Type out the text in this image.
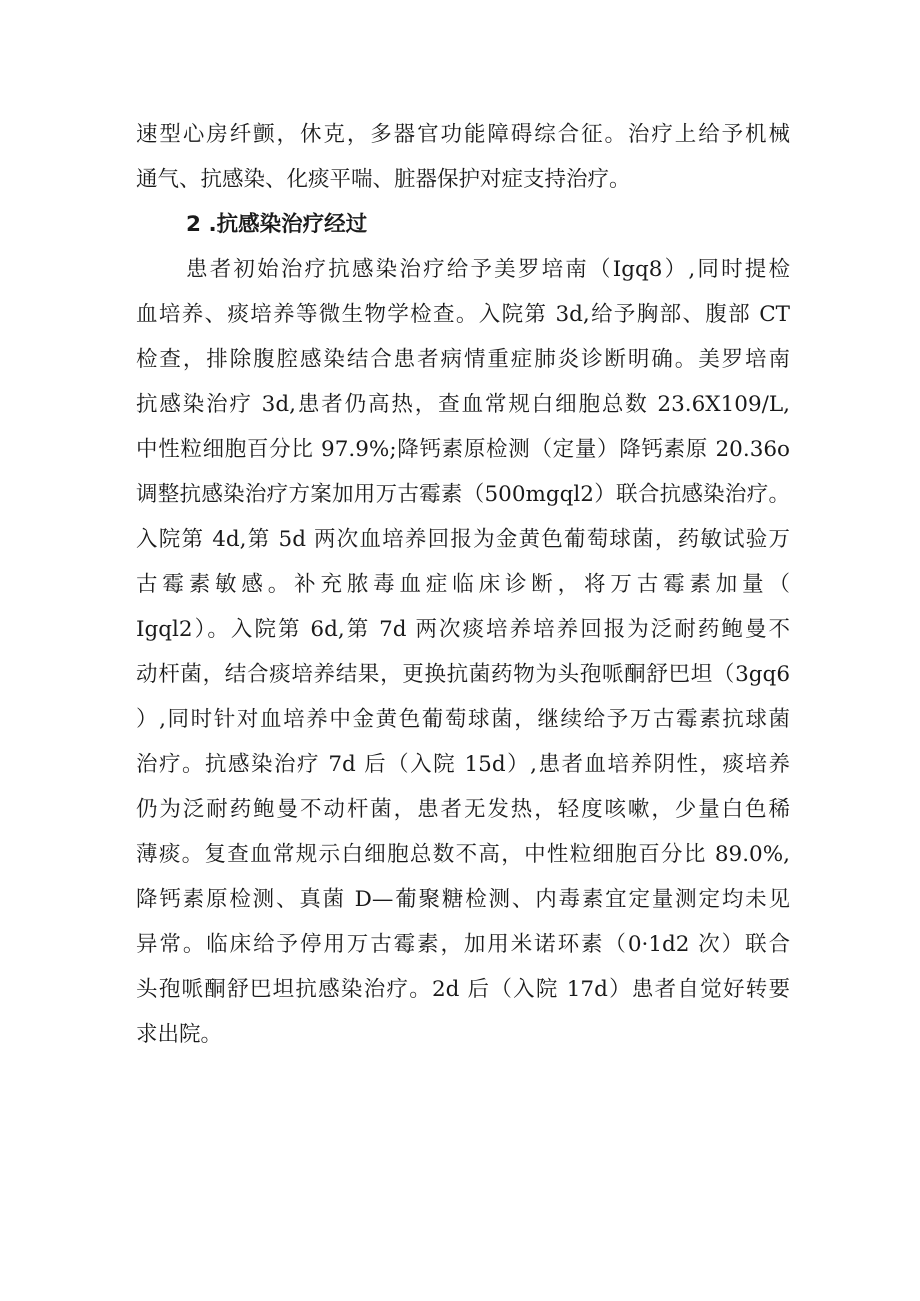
速型心房纤颤，休克，多器官功能障碍综合征。治疗上给予机械
通气、抗感染、化痰平喘、脏器保护对症支持治疗。
2 .抗感染治疗经过
患者初始治疗抗感染治疗给予美罗培南（Igq8）,同时提检
血培养、痰培养等微生物学检查。入院第 3d,给予胸部、腹部 CT
检查，排除腹腔感染结合患者病情重症肺炎诊断明确。美罗培南
抗感染治疗 3d,患者仍高热，查血常规白细胞总数 23.6X109/L,
中性粒细胞百分比 97.9%;降钙素原检测（定量）降钙素原 20.36o
调整抗感染治疗方案加用万古霉素（500mgql2）联合抗感染治疗。
入院第 4d,第 5d 两次血培养回报为金黄色葡萄球菌，药敏试验万
古霉素敏感。补充脓毒血症临床诊断，将万古霉素加量（
Igql2）。入院第 6d,第 7d 两次痰培养培养回报为泛耐药鲍曼不
动杆菌，结合痰培养结果，更换抗菌药物为头孢哌酮舒巴坦（3gq6
）,同时针对血培养中金黄色葡萄球菌，继续给予万古霉素抗球菌
治疗。抗感染治疗 7d 后（入院 15d）,患者血培养阴性，痰培养
仍为泛耐药鲍曼不动杆菌，患者无发热，轻度咳嗽，少量白色稀
薄痰。复查血常规示白细胞总数不高，中性粒细胞百分比 89.0%,
降钙素原检测、真菌 D—葡聚糖检测、内毒素宜定量测定均未见
异常。临床给予停用万古霉素，加用米诺环素（0·1d2 次）联合
头孢哌酮舒巴坦抗感染治疗。2d 后（入院 17d）患者自觉好转要
求出院。
